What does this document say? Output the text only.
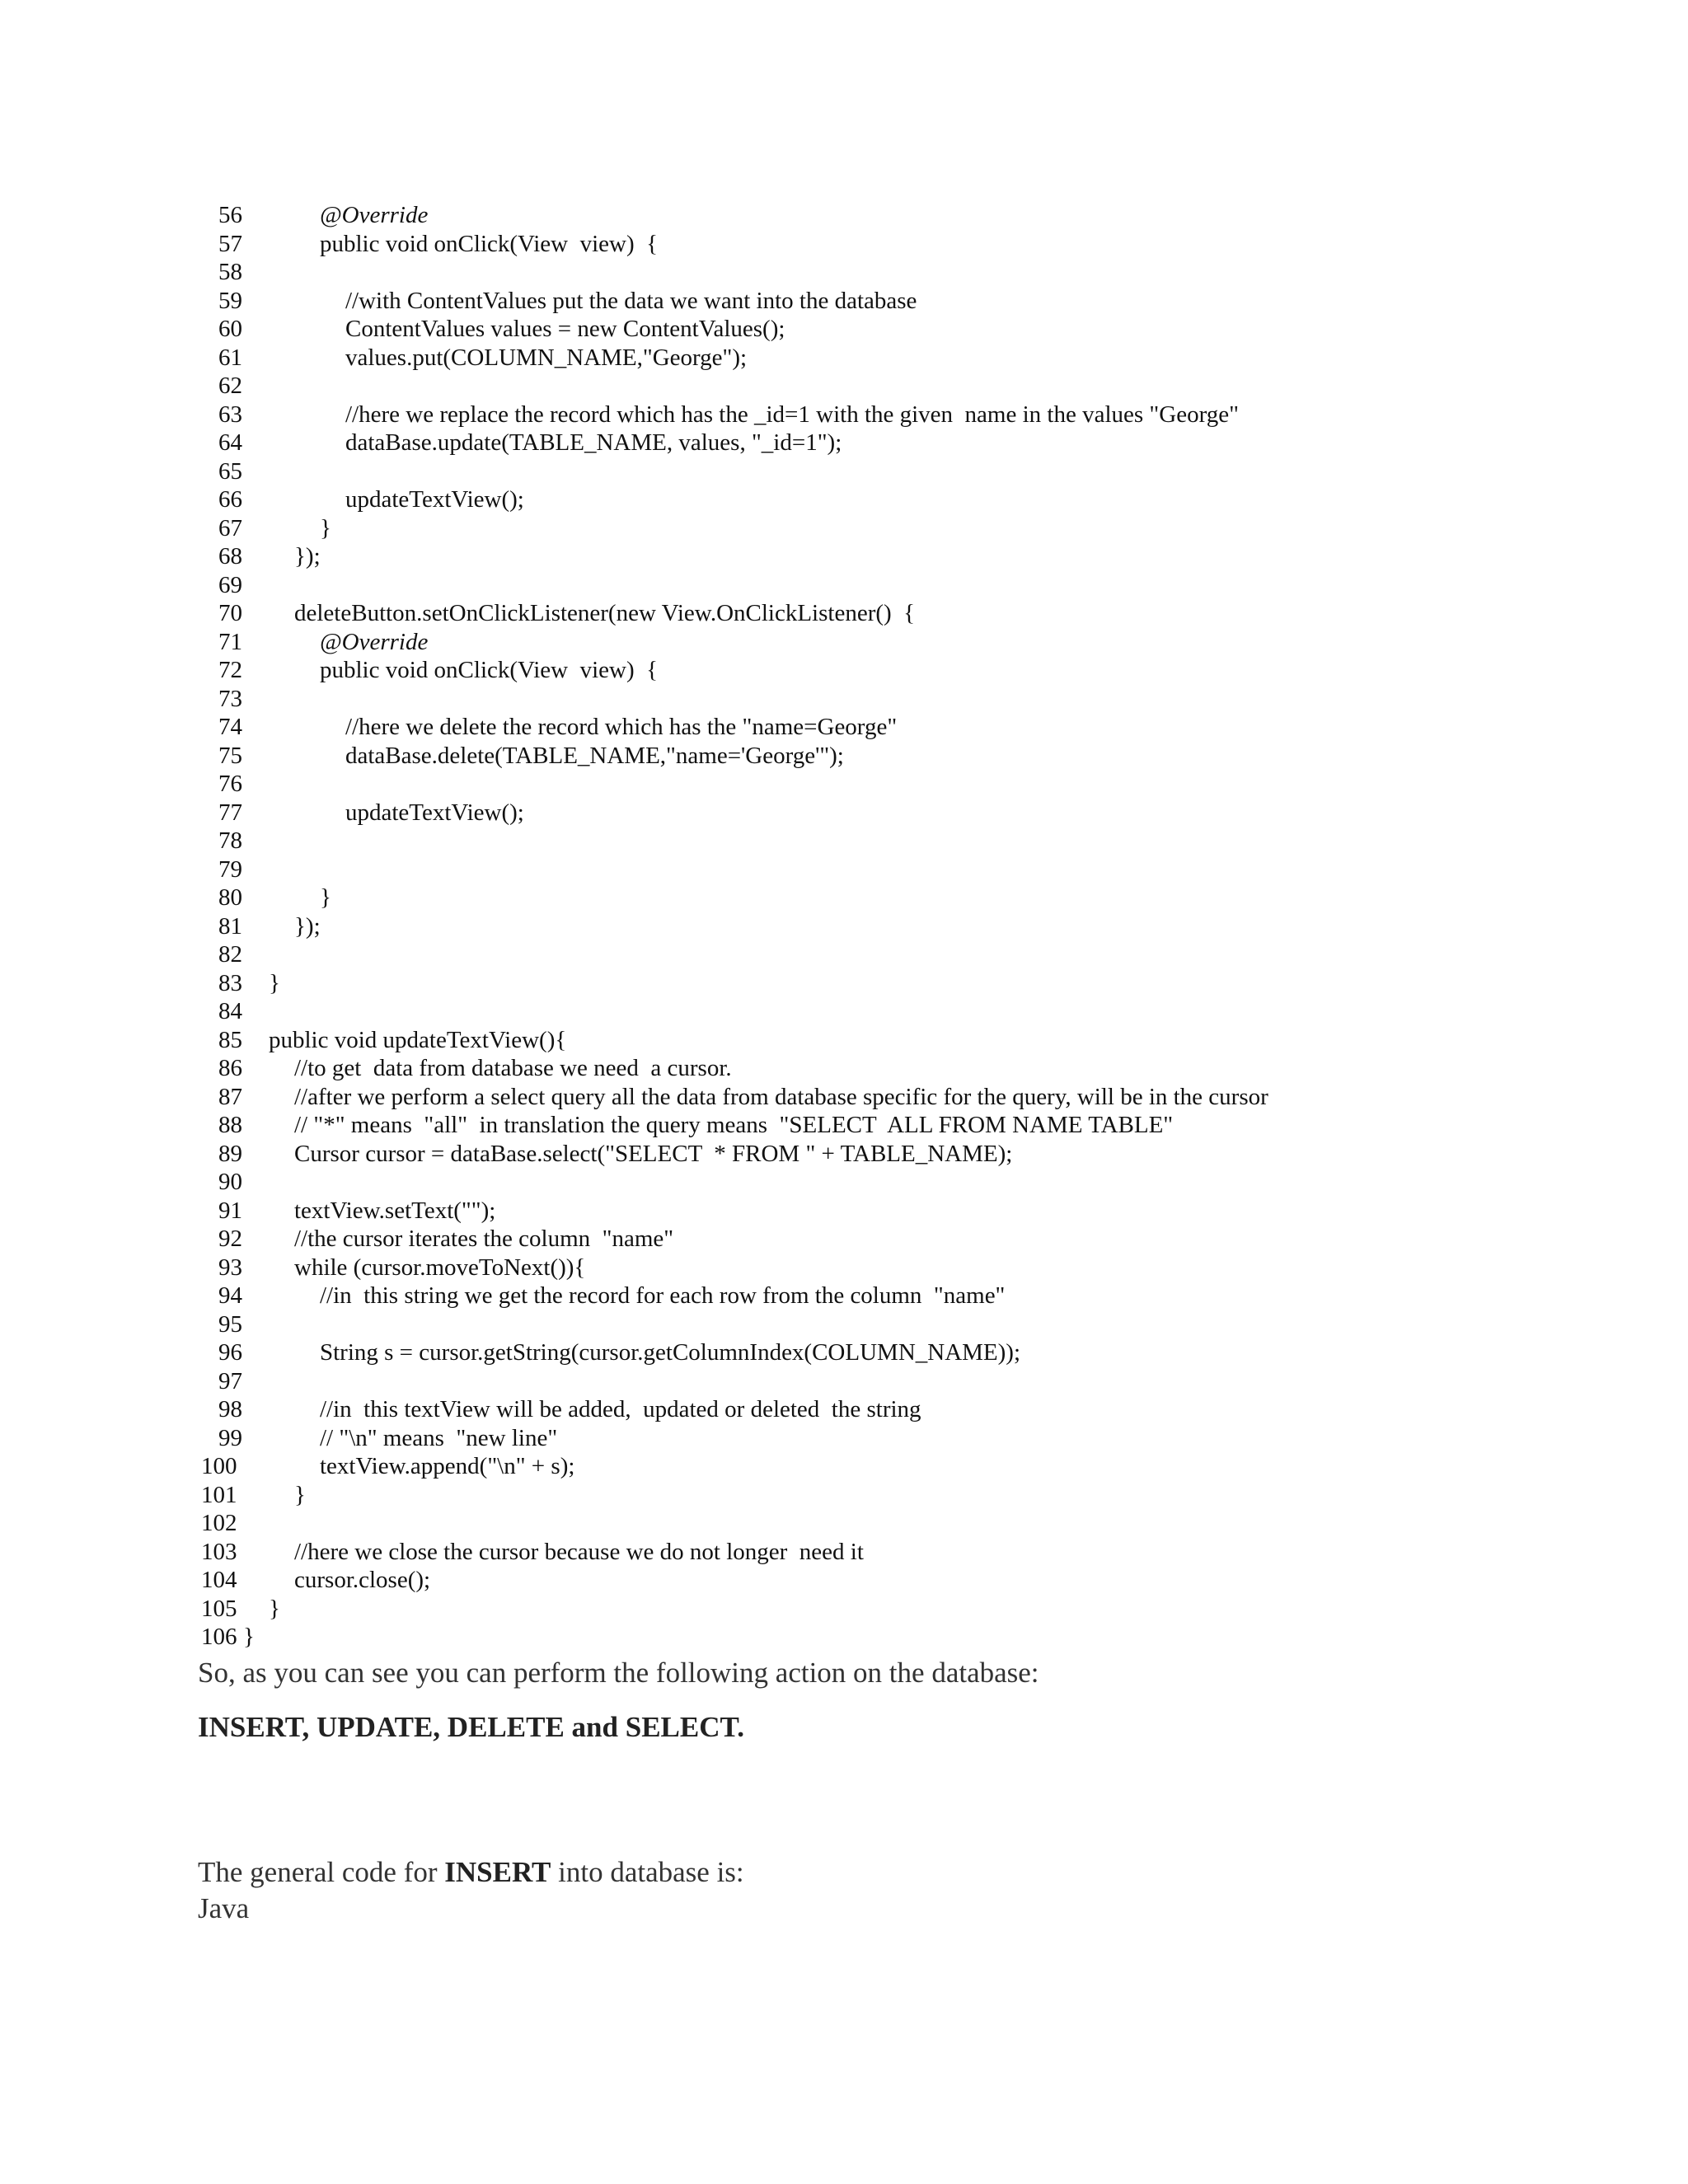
56	@Override
57	public void onClick(View  view)  {
58
59	//with ContentValues put the data we want into the database
60	ContentValues values = new ContentValues();
61	values.put(COLUMN_NAME,"George");
62
63	//here we replace the record which has the _id=1 with the given  name in the values "George"
64	dataBase.update(TABLE_NAME, values, "_id=1");
65
66	updateTextView();
67	}
68 });
69
70 deleteButton.setOnClickListener(new View.OnClickListener()  {
71	@Override
72	public void onClick(View  view)  {
73
74	//here we delete the record which has the "name=George"
75	dataBase.delete(TABLE_NAME,"name='George'");
76
77	updateTextView();
78
79
80	}
81 });
82
83 }
84
85 public void updateTextView(){
86 //to get  data from database we need  a cursor.
87 //after we perform a select query all the data from database specific for the query, will be in the cursor
88 // "*" means  "all"  in translation the query means  "SELECT  ALL FROM NAME TABLE"
89 Cursor cursor = dataBase.select("SELECT  * FROM " + TABLE_NAME);
90
91 textView.setText("");
92 //the cursor iterates the column  "name"
93 while (cursor.moveToNext()){
94	//in  this string we get the record for each row from the column  "name"
95
96	String s = cursor.getString(cursor.getColumnIndex(COLUMN_NAME));
97
98	//in  this textView will be added,  updated or deleted  the string
99	// "\n" means  "new line"
100	textView.append("\n" + s);
101 }
102
103 //here we close the cursor because we do not longer  need it
104 cursor.close();
105 }
106 }
So, as you can see you can perform the following action on the database:
INSERT, UPDATE, DELETE and SELECT.
The general code for INSERT into database is:
Java
